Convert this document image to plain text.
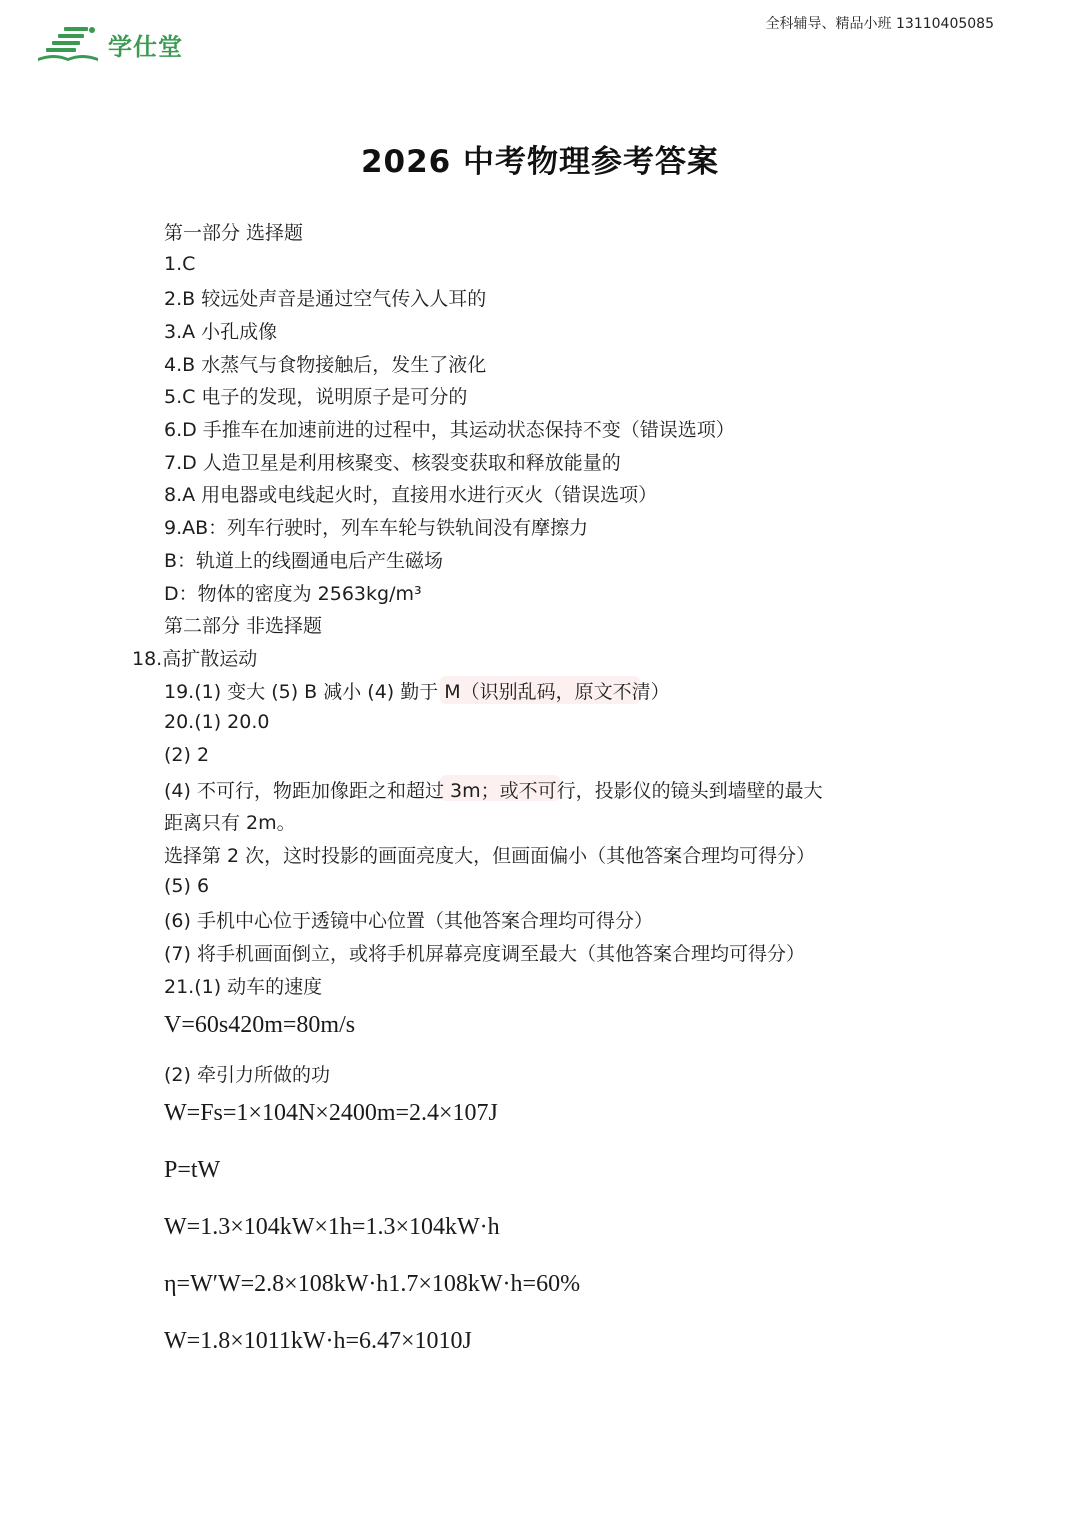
学仕堂
全科辅导、精品小班 13110405085
2026 中考物理参考答案
第一部分 选择题
1.C
2.B 较远处声音是通过空气传入人耳的
3.A 小孔成像
4.B 水蒸气与食物接触后，发生了液化
5.C 电子的发现，说明原子是可分的
6.D 手推车在加速前进的过程中，其运动状态保持不变（错误选项）
7.D 人造卫星是利用核聚变、核裂变获取和释放能量的
8.A 用电器或电线起火时，直接用水进行灭火（错误选项）
9.AB：列车行驶时，列车车轮与铁轨间没有摩擦力
B：轨道上的线圈通电后产生磁场
D：物体的密度为 2563kg/m³
第二部分 非选择题
18.高扩散运动
19.(1) 变大 (5) B 减小 (4) 勤于 M（识别乱码，原文不清）
20.(1) 20.0
(2) 2
(4) 不可行，物距加像距之和超过 3m；或不可行，投影仪的镜头到墙壁的最大
距离只有 2m。
选择第 2 次，这时投影的画面亮度大，但画面偏小（其他答案合理均可得分）
(5) 6
(6) 手机中心位于透镜中心位置（其他答案合理均可得分）
(7) 将手机画面倒立，或将手机屏幕亮度调至最大（其他答案合理均可得分）
21.(1) 动车的速度
V=60s420m=80m/s
(2) 牵引力所做的功
W=Fs=1×104N×2400m=2.4×107J
P=tW
W=1.3×104kW×1h=1.3×104kW·h
η=W′W=2.8×108kW·h1.7×108kW·h=60%
W=1.8×1011kW·h=6.47×1010J
